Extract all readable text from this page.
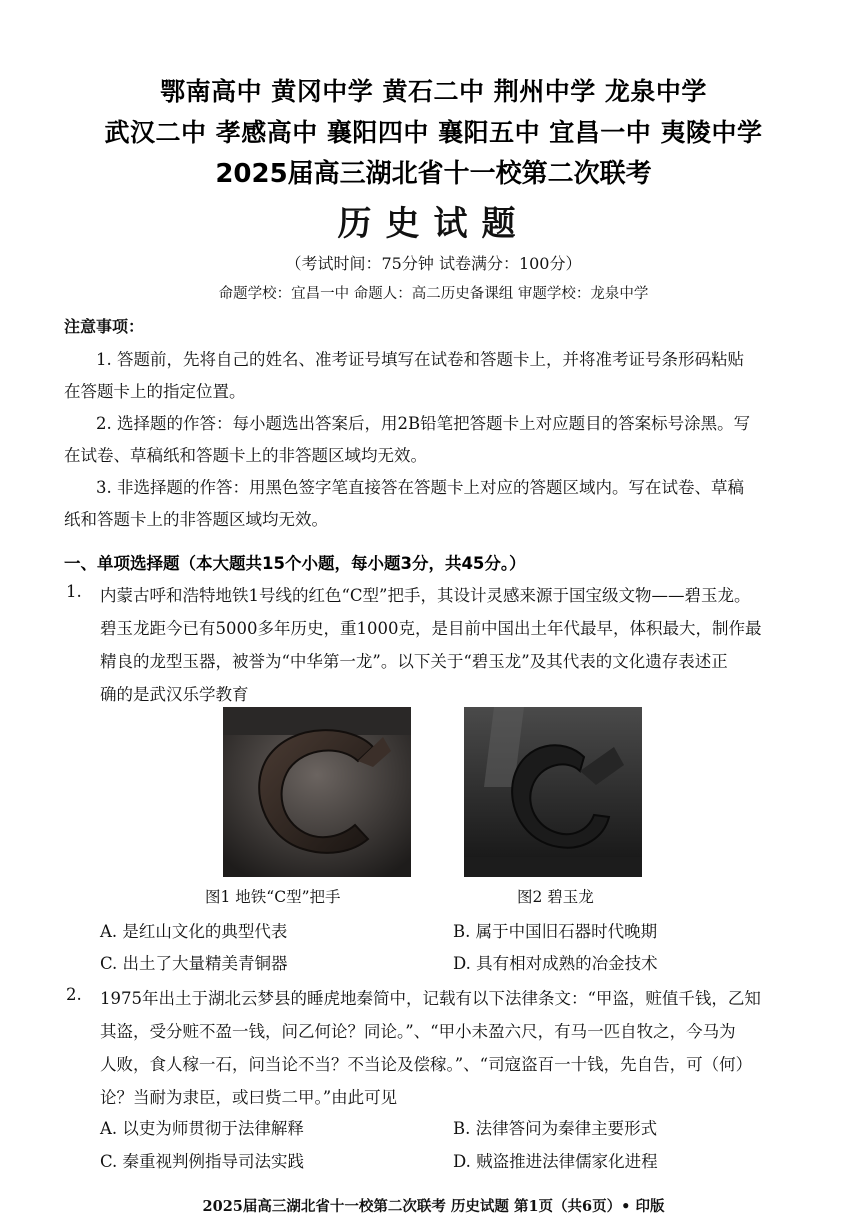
鄂南高中 黄冈中学 黄石二中 荆州中学 龙泉中学
武汉二中 孝感高中 襄阳四中 襄阳五中 宜昌一中 夷陵中学
2025届高三湖北省十一校第二次联考
历史试题
（考试时间：75分钟 试卷满分：100分）
命题学校：宜昌一中 命题人：高二历史备课组 审题学校：龙泉中学
注意事项：
1. 答题前，先将自己的姓名、准考证号填写在试卷和答题卡上，并将准考证号条形码粘贴
在答题卡上的指定位置。
2. 选择题的作答：每小题选出答案后，用2B铅笔把答题卡上对应题目的答案标号涂黑。写
在试卷、草稿纸和答题卡上的非答题区域均无效。
3. 非选择题的作答：用黑色签字笔直接答在答题卡上对应的答题区域内。写在试卷、草稿
纸和答题卡上的非答题区域均无效。
一、单项选择题（本大题共15个小题，每小题3分，共45分。）
1. 内蒙古呼和浩特地铁1号线的红色“C型”把手，其设计灵感来源于国宝级文物——碧玉龙。
碧玉龙距今已有5000多年历史，重1000克，是目前中国出土年代最早，体积最大，制作最
精良的龙型玉器，被誉为“中华第一龙”。以下关于“碧玉龙”及其代表的文化遗存表述正
确的是武汉乐学教育
图1 地铁“C型”把手	图2 碧玉龙
A. 是红山文化的典型代表	B. 属于中国旧石器时代晚期
C. 出土了大量精美青铜器	D. 具有相对成熟的冶金技术
2. 1975年出土于湖北云梦县的睡虎地秦简中，记载有以下法律条文：“甲盗，赃值千钱，乙知
其盗，受分赃不盈一钱，问乙何论？同论。”、“甲小未盈六尺，有马一匹自牧之，今马为
人败，食人稼一石，问当论不当？不当论及偿稼。”、“司寇盗百一十钱，先自告，可（何）
论？当耐为隶臣，或曰赀二甲。”由此可见
A. 以吏为师贯彻于法律解释	B. 法律答问为秦律主要形式
C. 秦重视判例指导司法实践	D. 贼盗推进法律儒家化进程
2025届高三湖北省十一校第二次联考 历史试题 第1页（共6页）• 印版
